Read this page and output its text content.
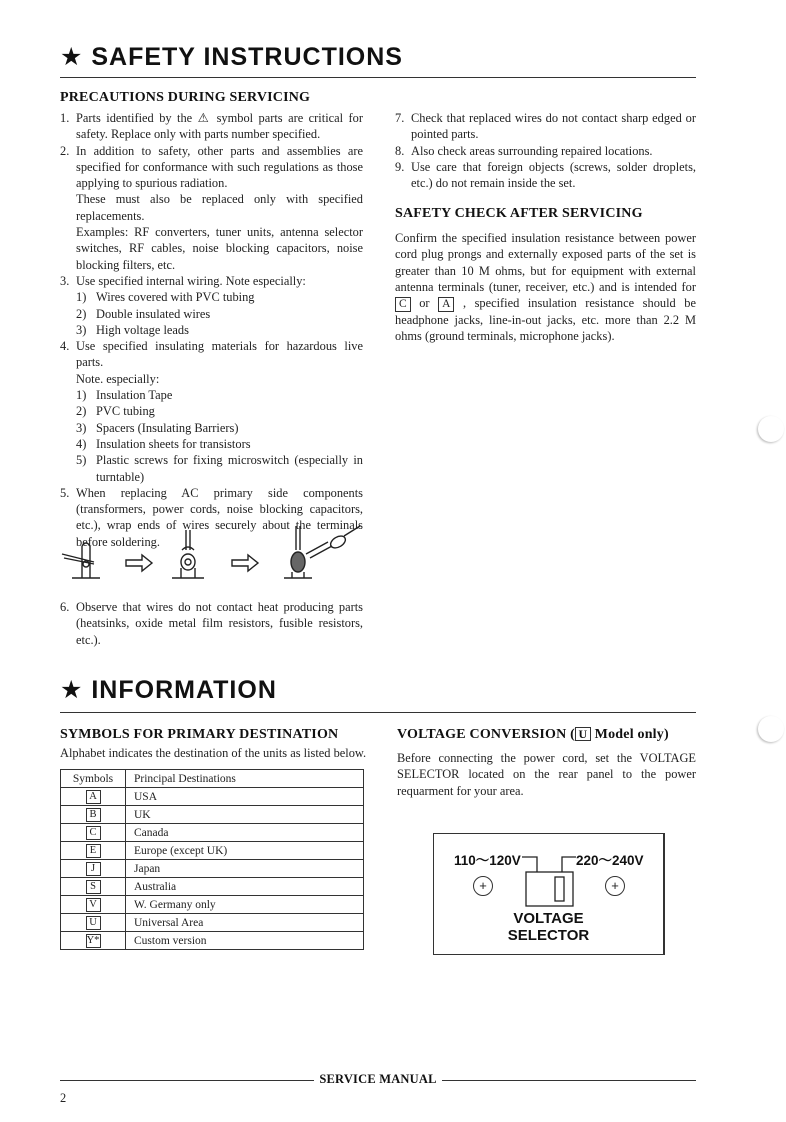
★ SAFETY INSTRUCTIONS
PRECAUTIONS DURING SERVICING
1. Parts identified by the ⚠ symbol parts are critical for safety. Replace only with parts number specified.
2. In addition to safety, other parts and assemblies are specified for conformance with such regulations as those applying to spurious radiation.
These must also be replaced only with specified replacements.
Examples: RF converters, tuner units, antenna selector switches, RF cables, noise blocking capacitors, noise blocking filters, etc.
3. Use specified internal wiring. Note especially:
1) Wires covered with PVC tubing
2) Double insulated wires
3) High voltage leads
4. Use specified insulating materials for hazardous live parts.
Note. especially:
1) Insulation Tape
2) PVC tubing
3) Spacers (Insulating Barriers)
4) Insulation sheets for transistors
5) Plastic screws for fixing microswitch (especially in turntable)
5. When replacing AC primary side components (transformers, power cords, noise blocking capacitors, etc.), wrap ends of wires securely about the terminals before soldering.
6. Observe that wires do not contact heat producing parts (heatsinks, oxide metal film resistors, fusible resistors, etc.).
7. Check that replaced wires do not contact sharp edged or pointed parts.
8. Also check areas surrounding repaired locations.
9. Use care that foreign objects (screws, solder droplets, etc.) do not remain inside the set.
SAFETY CHECK AFTER SERVICING
Confirm the specified insulation resistance between power cord plug prongs and externally exposed parts of the set is greater than 10 M ohms, but for equipment with external antenna terminals (tuner, receiver, etc.) and is intended for C or A , specified insulation resistance should be headphone jacks, line-in-out jacks, etc. more than 2.2 M ohms (ground terminals, microphone jacks).
★ INFORMATION
SYMBOLS FOR PRIMARY DESTINATION
Alphabet indicates the destination of the units as listed below.
Symbols	Principal Destinations
A	USA
B	UK
C	Canada
E	Europe (except UK)
J	Japan
S	Australia
V	W. Germany only
U	Universal Area
Y*	Custom version
VOLTAGE CONVERSION ( U Model only)
Before connecting the power cord, set the VOLTAGE SELECTOR located on the rear panel to the power requarment for your area.
110～120V	220～240V
+	+
VOLTAGE
SELECTOR
SERVICE MANUAL
2
